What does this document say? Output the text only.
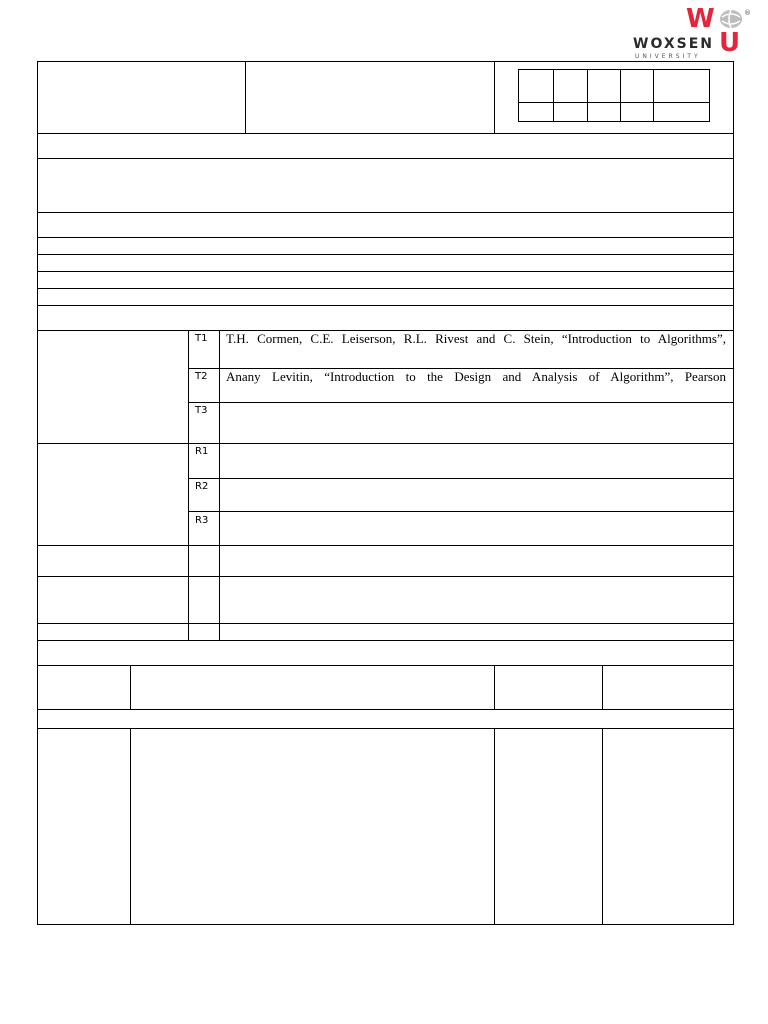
W	®
WOXSEN U
UNIVERSITY
T1 T.H. Cormen, C.E. Leiserson, R.L. Rivest and C. Stein, “Introduction to Algorithms”,
T2 Anany Levitin, “Introduction to the Design and Analysis of Algorithm”, Pearson
T3
R1
R2
R3
